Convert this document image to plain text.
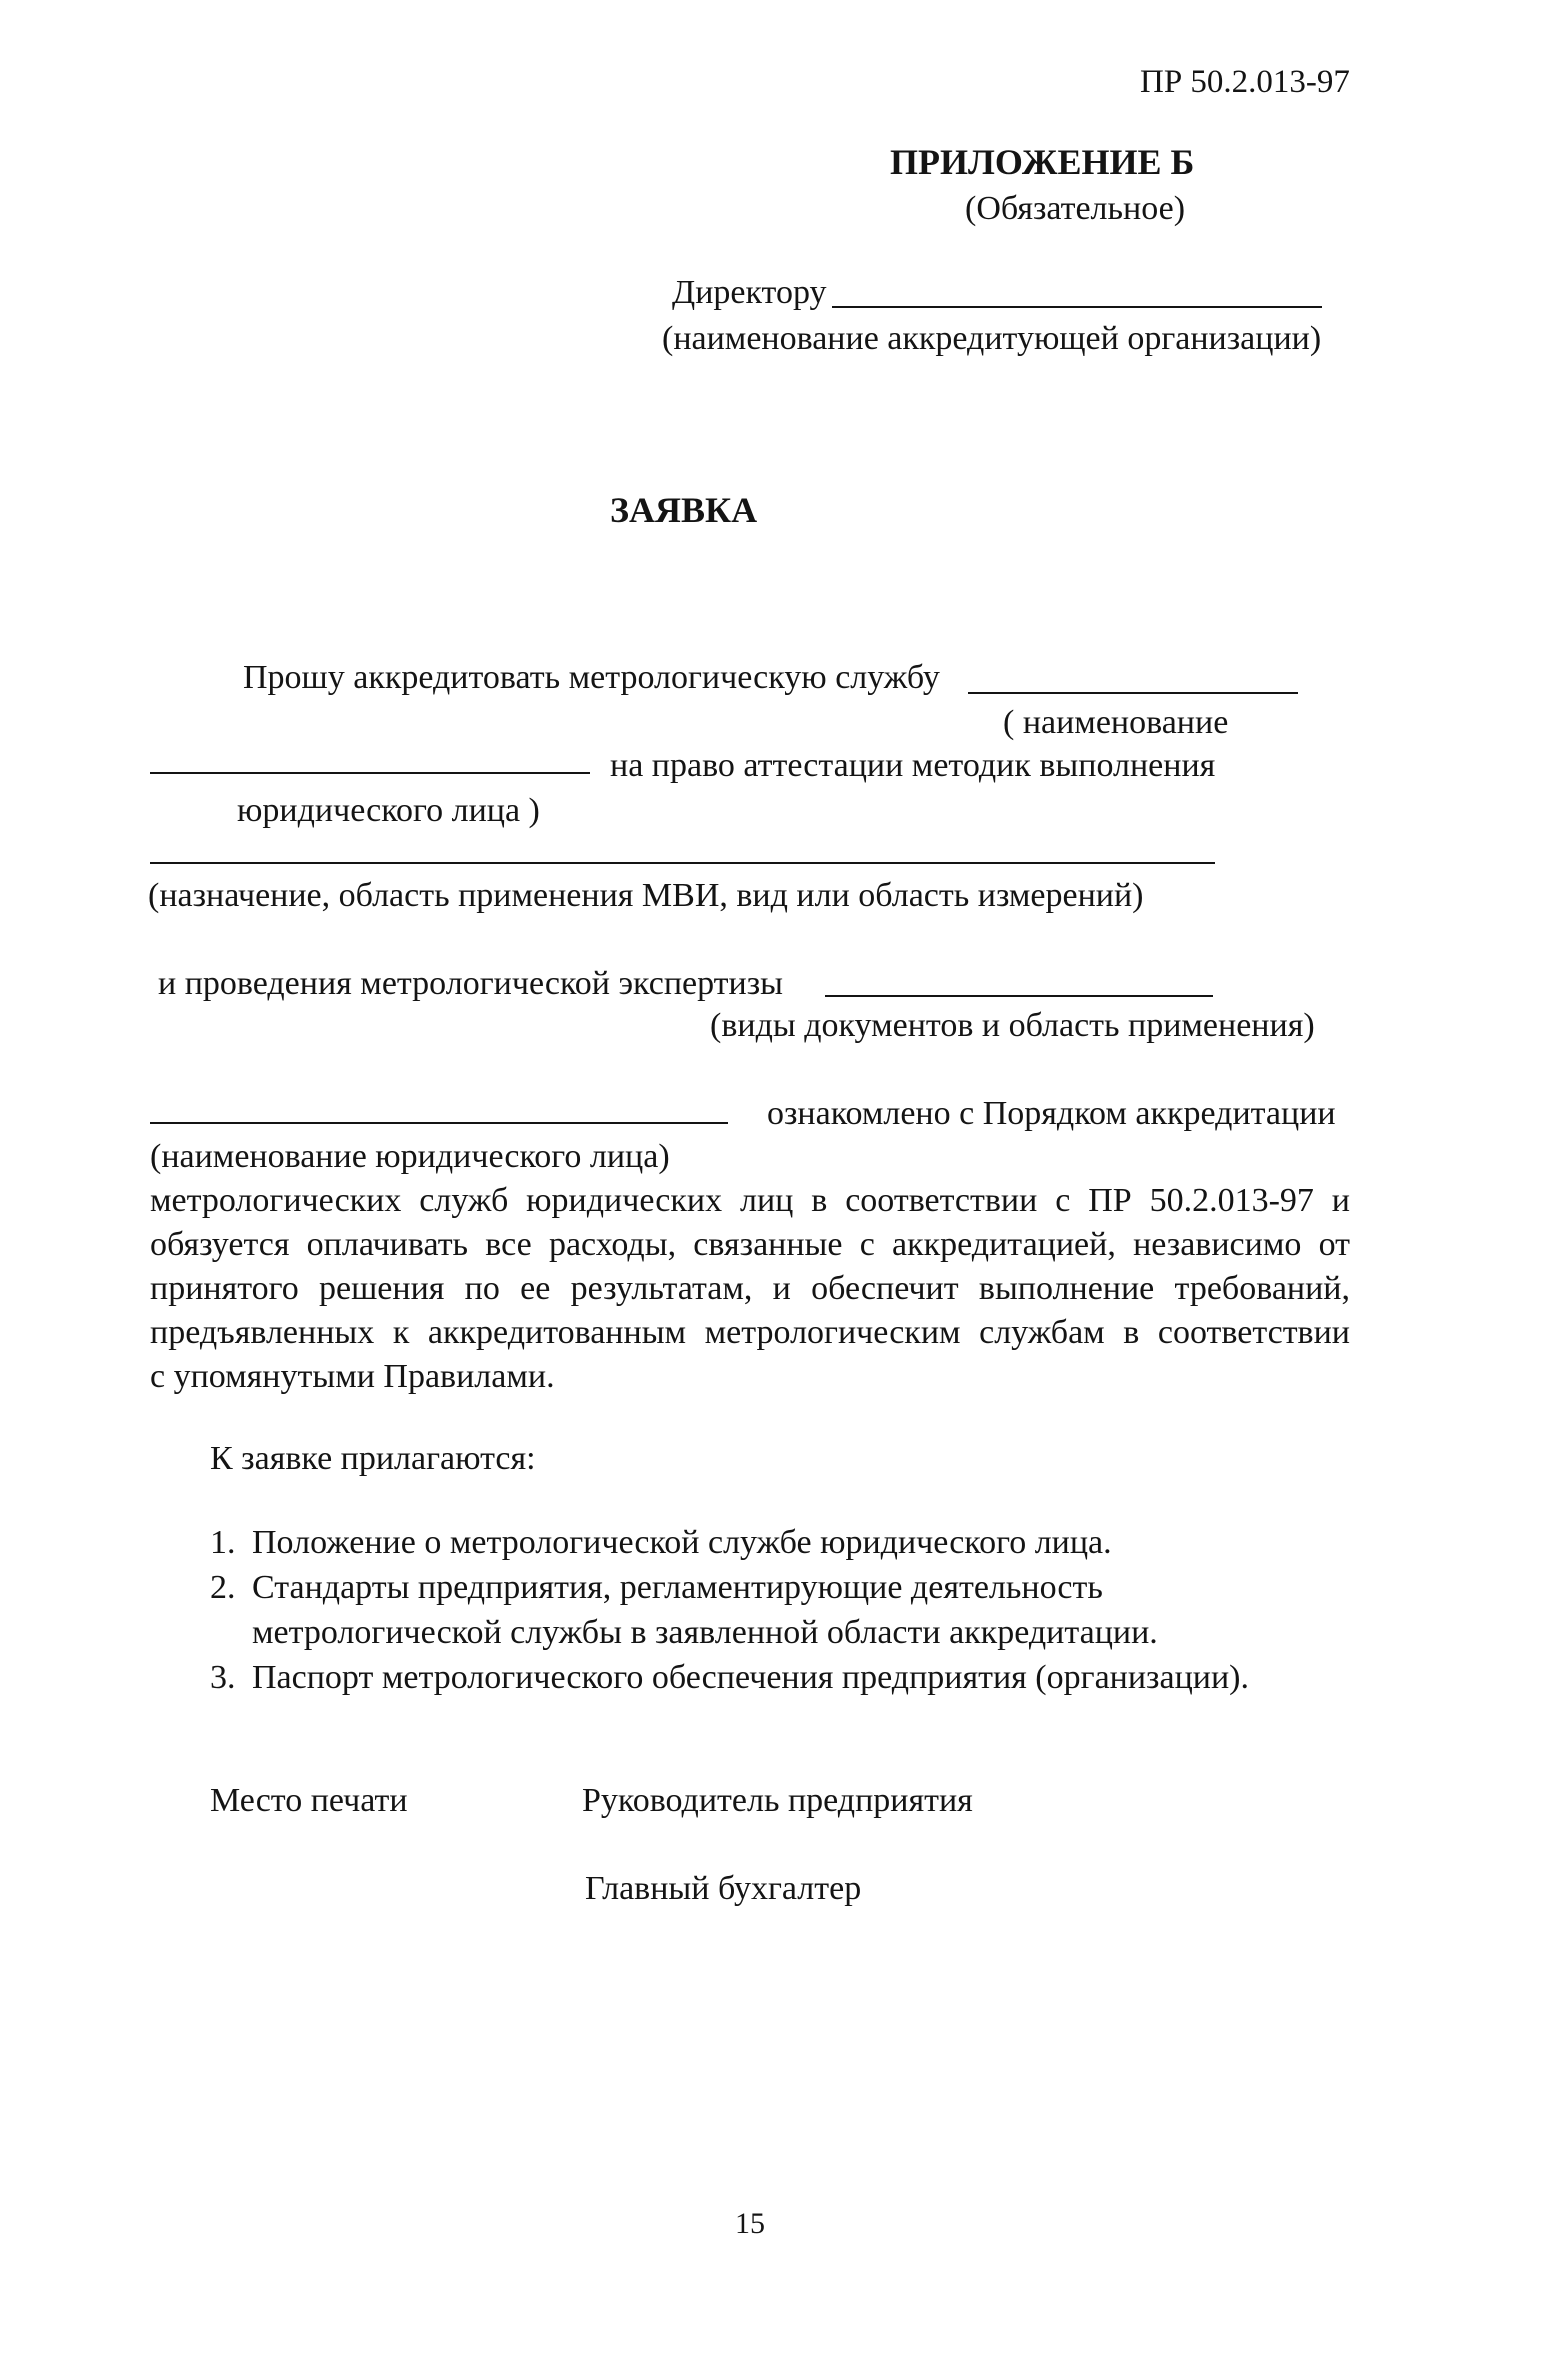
ПР 50.2.013-97
ПРИЛОЖЕНИЕ Б
(Обязательное)
Директору
(наименование аккредитующей организации)
ЗАЯВКА
Прошу аккредитовать метрологическую службу
( наименование
на право аттестации методик выполнения
юридического лица )
(назначение, область применения МВИ, вид или область измерений)
и проведения метрологической экспертизы
(виды документов и область применения)
ознакомлено с Порядком аккредитации
(наименование юридического лица)
метрологических служб юридических лиц в соответствии с ПР 50.2.013-97 и
обязуется оплачивать все расходы, связанные с аккредитацией, независимо от
принятого решения по ее результатам, и обеспечит выполнение требований,
предъявленных к аккредитованным метрологическим службам в соответствии
с упомянутыми Правилами.
К заявке прилагаются:
1. Положение о метрологической службе юридического лица.
2. Стандарты предприятия, регламентирующие деятельность
метрологической службы в заявленной области аккредитации.
3. Паспорт метрологического обеспечения предприятия (организации).
Место печати	Руководитель предприятия
Главный бухгалтер
15
